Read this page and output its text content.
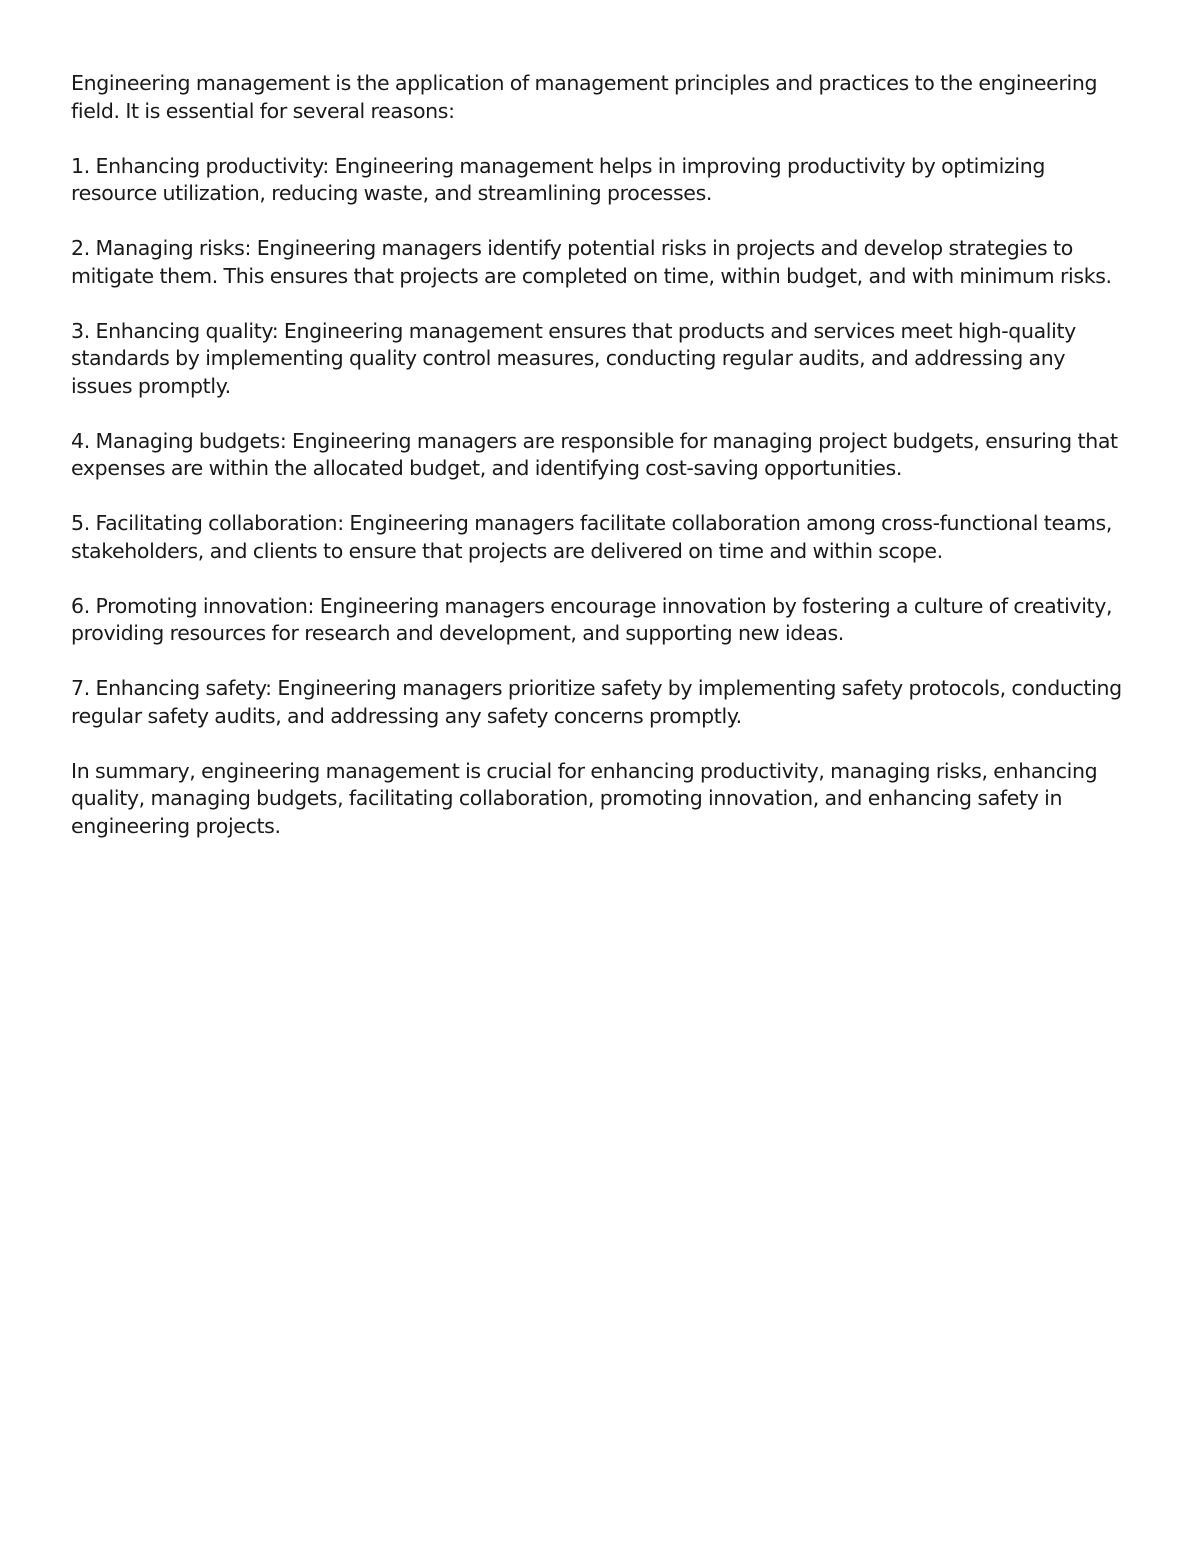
Engineering management is the application of management principles and practices to the engineering field. It is essential for several reasons:

1. Enhancing productivity: Engineering management helps in improving productivity by optimizing resource utilization, reducing waste, and streamlining processes.

2. Managing risks: Engineering managers identify potential risks in projects and develop strategies to mitigate them. This ensures that projects are completed on time, within budget, and with minimum risks.

3. Enhancing quality: Engineering management ensures that products and services meet high-quality standards by implementing quality control measures, conducting regular audits, and addressing any issues promptly.

4. Managing budgets: Engineering managers are responsible for managing project budgets, ensuring that expenses are within the allocated budget, and identifying cost-saving opportunities.

5. Facilitating collaboration: Engineering managers facilitate collaboration among cross-functional teams, stakeholders, and clients to ensure that projects are delivered on time and within scope.

6. Promoting innovation: Engineering managers encourage innovation by fostering a culture of creativity, providing resources for research and development, and supporting new ideas.

7. Enhancing safety: Engineering managers prioritize safety by implementing safety protocols, conducting regular safety audits, and addressing any safety concerns promptly.

In summary, engineering management is crucial for enhancing productivity, managing risks, enhancing quality, managing budgets, facilitating collaboration, promoting innovation, and enhancing safety in engineering projects.
